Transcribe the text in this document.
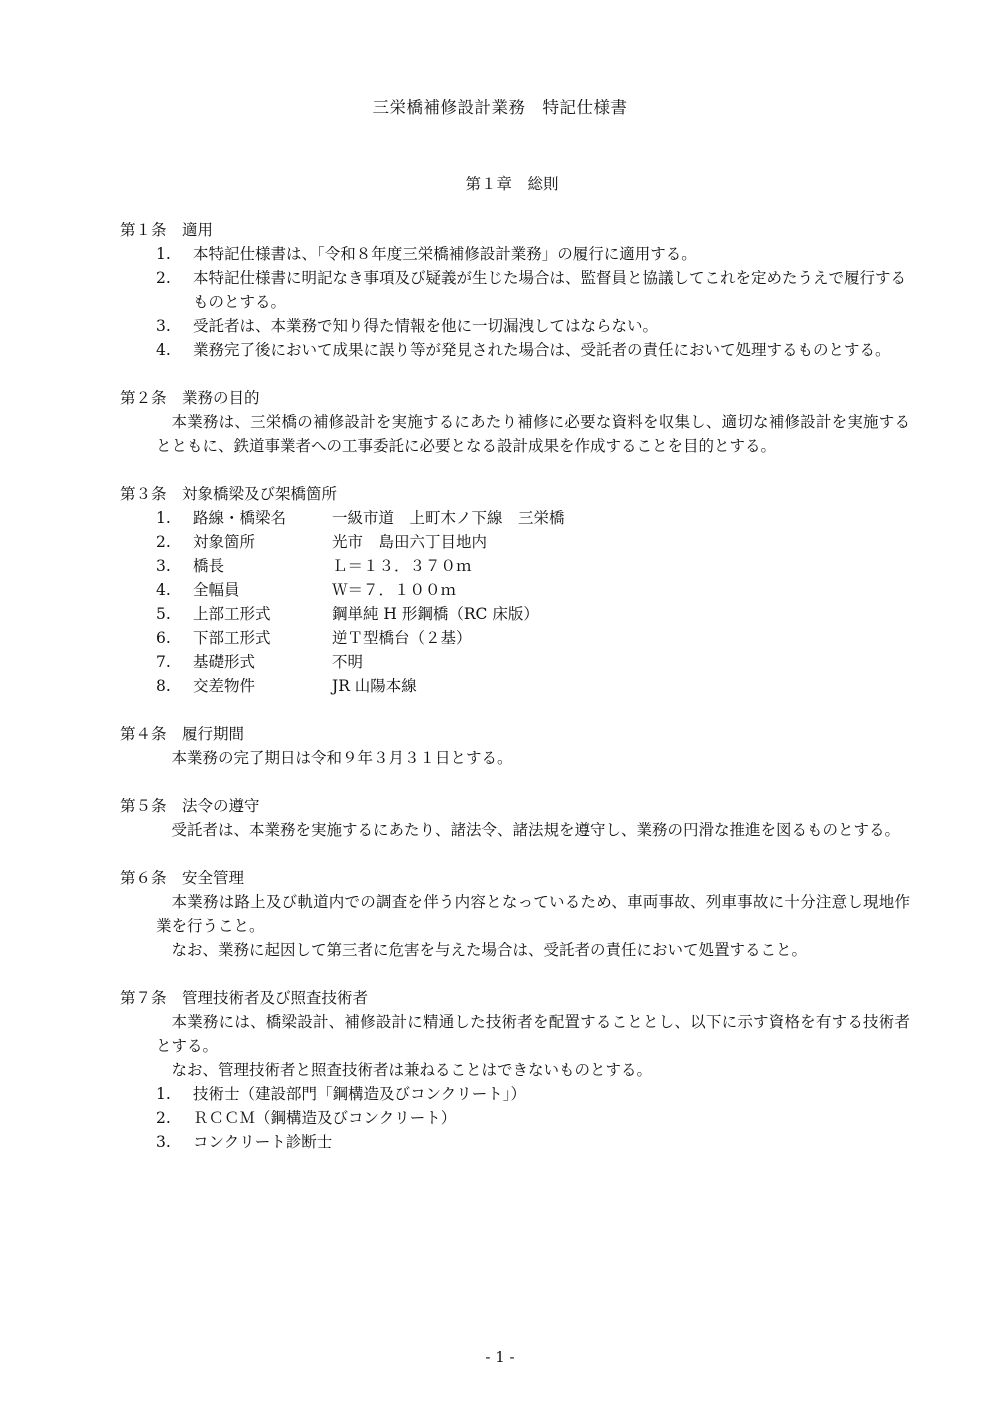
三栄橋補修設計業務　特記仕様書
第１章　総則
第１条　適用
1. 本特記仕様書は、「令和８年度三栄橋補修設計業務」の履行に適用する。
2. 本特記仕様書に明記なき事項及び疑義が生じた場合は、監督員と協議してこれを定めたうえで履行するものとする。
3. 受託者は、本業務で知り得た情報を他に一切漏洩してはならない。
4. 業務完了後において成果に誤り等が発見された場合は、受託者の責任において処理するものとする。
第２条　業務の目的
本業務は、三栄橋の補修設計を実施するにあたり補修に必要な資料を収集し、適切な補修設計を実施するとともに、鉄道事業者への工事委託に必要となる設計成果を作成することを目的とする。
第３条　対象橋梁及び架橋箇所
1. 路線・橋梁名	一級市道　上町木ノ下線　三栄橋
2. 対象箇所	光市　島田六丁目地内
3. 橋長	Ｌ＝１３．３７０ｍ
4. 全幅員	Ｗ＝７．１００ｍ
5. 上部工形式	鋼単純 H 形鋼橋（RC 床版）
6. 下部工形式	逆Ｔ型橋台（２基）
7. 基礎形式	不明
8. 交差物件	JR 山陽本線
第４条　履行期間
本業務の完了期日は令和９年３月３１日とする。
第５条　法令の遵守
受託者は、本業務を実施するにあたり、諸法令、諸法規を遵守し、業務の円滑な推進を図るものとする。
第６条　安全管理
本業務は路上及び軌道内での調査を伴う内容となっているため、車両事故、列車事故に十分注意し現地作業を行うこと。
なお、業務に起因して第三者に危害を与えた場合は、受託者の責任において処置すること。
第７条　管理技術者及び照査技術者
本業務には、橋梁設計、補修設計に精通した技術者を配置することとし、以下に示す資格を有する技術者とする。
なお、管理技術者と照査技術者は兼ねることはできないものとする。
1. 技術士（建設部門「鋼構造及びコンクリート」）
2. ＲＣＣＭ（鋼構造及びコンクリート）
3. コンクリート診断士
- 1 -
